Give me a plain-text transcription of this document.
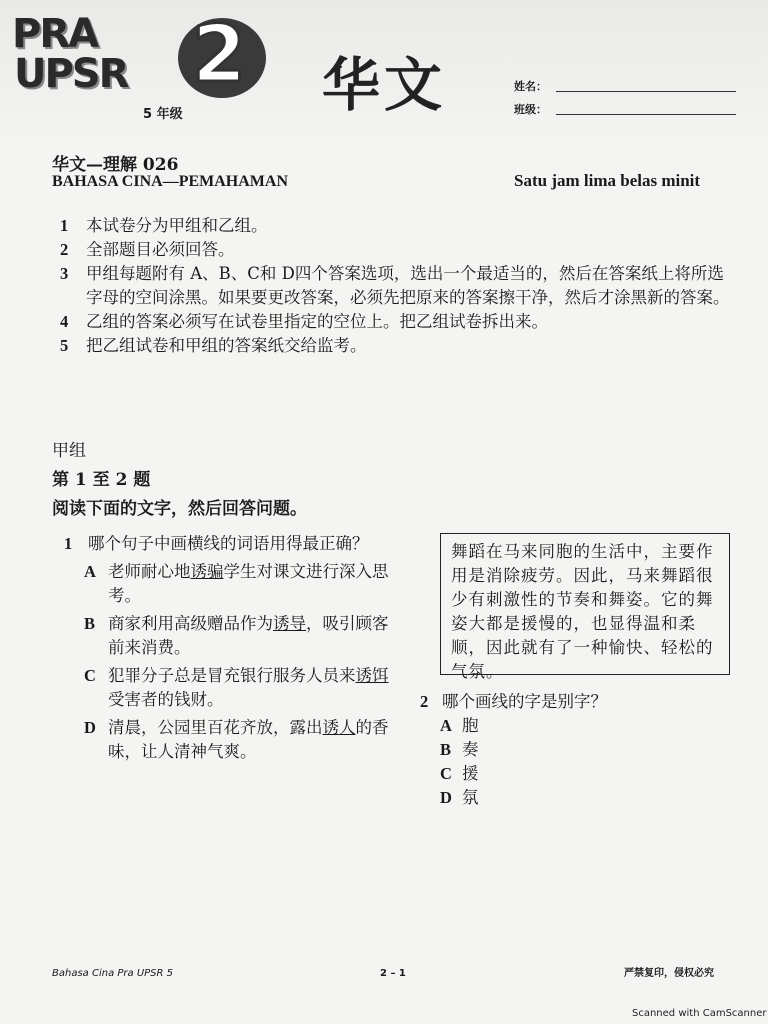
PRA
UPSR 2
5 年级 华文	姓名：
班级：
华文—理解 026
BAHASA CINA—PEMAHAMAN	Satu jam lima belas minit
1	本试卷分为甲组和乙组。
2	全部题目必须回答。
3	甲组每题附有 A、B、C和 D四个答案选项，选出一个最适当的，然后在答案纸上将所选字母的空间涂黑。如果要更改答案，必须先把原来的答案擦干净，然后才涂黑新的答案。
4	乙组的答案必须写在试卷里指定的空位上。把乙组试卷拆出来。
5	把乙组试卷和甲组的答案纸交给监考。
甲组
第 1 至 2 题
阅读下面的文字，然后回答问题。
1 哪个句子中画横线的词语用得最正确？
A 老师耐心地诱骗学生对课文进行深入思考。
B 商家利用高级赠品作为诱导，吸引顾客前来消费。
C 犯罪分子总是冒充银行服务人员来诱饵受害者的钱财。
D 清晨，公园里百花齐放，露出诱人的香味，让人清神气爽。
舞蹈在马来同胞的生活中，主要作用是消除疲劳。因此，马来舞蹈很少有刺激性的节奏和舞姿。它的舞姿大都是援慢的，也显得温和柔顺，因此就有了一种愉快、轻松的气氛。
2 哪个画线的字是别字？
A 胞
B 奏
C 援
D 氛
Bahasa Cina Pra UPSR 5	2 – 1	严禁复印，侵权必究
Scanned with CamScanner
